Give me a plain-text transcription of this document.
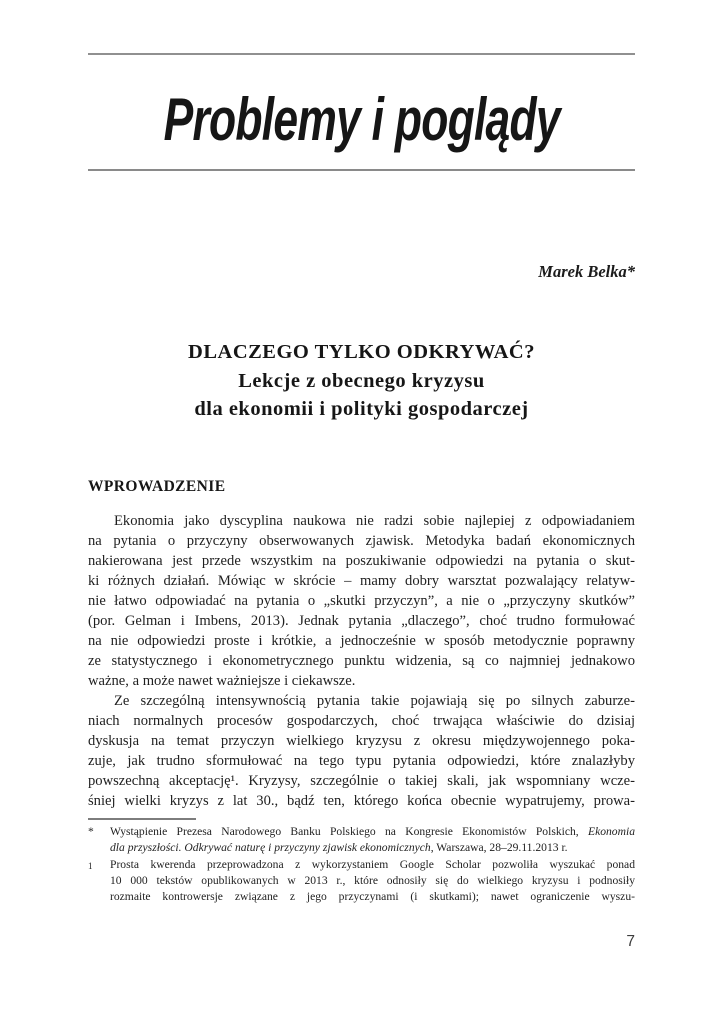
Problemy i poglądy
Marek Belka*
DLACZEGO TYLKO ODKRYWAĆ?
Lekcje z obecnego kryzysu
dla ekonomii i polityki gospodarczej
WPROWADZENIE
Ekonomia jako dyscyplina naukowa nie radzi sobie najlepiej z odpowiadaniem
na pytania o przyczyny obserwowanych zjawisk. Metodyka badań ekonomicznych
nakierowana jest przede wszystkim na poszukiwanie odpowiedzi na pytania o skut-
ki różnych działań. Mówiąc w skrócie – mamy dobry warsztat pozwalający relatyw-
nie łatwo odpowiadać na pytania o „skutki przyczyn”, a nie o „przyczyny skutków”
(por. Gelman i Imbens, 2013). Jednak pytania „dlaczego”, choć trudno formułować
na nie odpowiedzi proste i krótkie, a jednocześnie w sposób metodycznie poprawny
ze statystycznego i ekonometrycznego punktu widzenia, są co najmniej jednakowo
ważne, a może nawet ważniejsze i ciekawsze.
Ze szczególną intensywnością pytania takie pojawiają się po silnych zaburze-
niach normalnych procesów gospodarczych, choć trwająca właściwie do dzisiaj
dyskusja na temat przyczyn wielkiego kryzysu z okresu międzywojennego poka-
zuje, jak trudno sformułować na tego typu pytania odpowiedzi, które znalazłyby
powszechną akceptację¹. Kryzysy, szczególnie o takiej skali, jak wspomniany wcze-
śniej wielki kryzys z lat 30., bądź ten, którego końca obecnie wypatrujemy, prowa-
*	Wystąpienie Prezesa Narodowego Banku Polskiego na Kongresie Ekonomistów Polskich, Ekonomia
dla przyszłości. Odkrywać naturę i przyczyny zjawisk ekonomicznych, Warszawa, 28–29.11.2013 r.
1	Prosta kwerenda przeprowadzona z wykorzystaniem Google Scholar pozwoliła wyszukać ponad
10 000 tekstów opublikowanych w 2013 r., które odnosiły się do wielkiego kryzysu i podnosiły
rozmaite kontrowersje związane z jego przyczynami (i skutkami); nawet ograniczenie wyszu-
7
